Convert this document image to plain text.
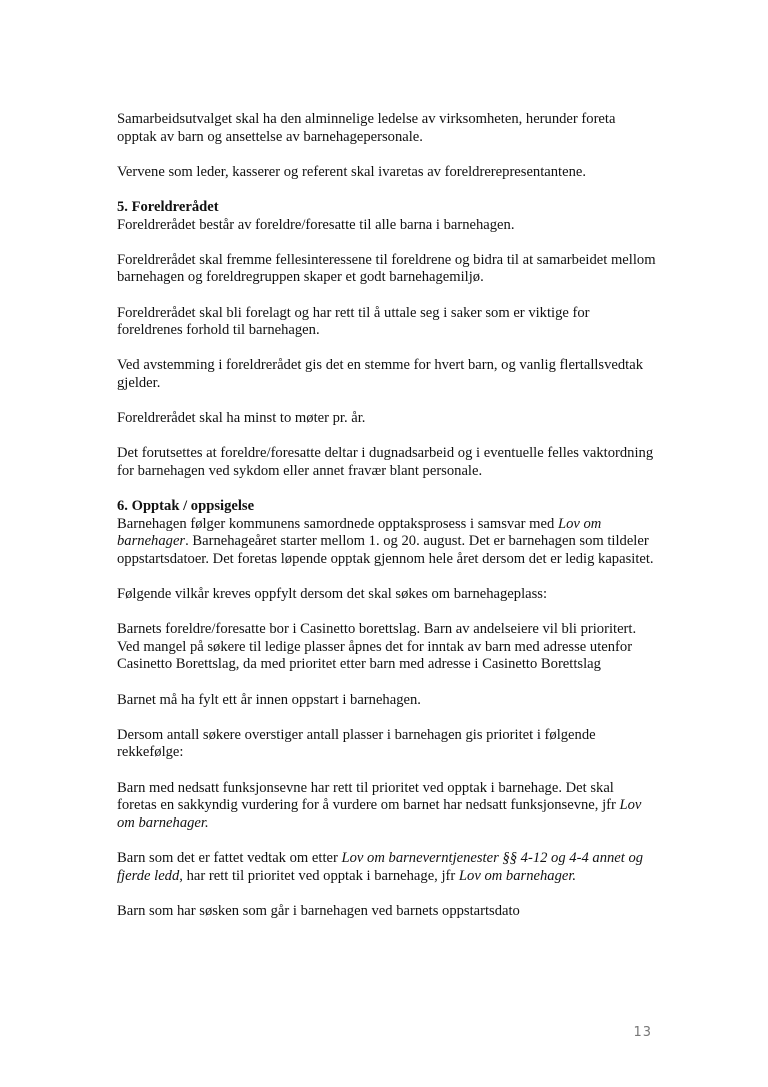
Samarbeidsutvalget skal ha den alminnelige ledelse av virksomheten, herunder foreta opptak av barn og ansettelse av barnehagepersonale.

Vervene som leder, kasserer og referent skal ivaretas av foreldrerepresentantene.

5. Foreldrerådet

Foreldrerådet består av foreldre/foresatte til alle barna i barnehagen.

Foreldrerådet skal fremme fellesinteressene til foreldrene og bidra til at samarbeidet mellom barnehagen og foreldregruppen skaper et godt barnehagemiljø.

Foreldrerådet skal bli forelagt og har rett til å uttale seg i saker som er viktige for foreldrenes forhold til barnehagen.

Ved avstemming i foreldrerådet gis det en stemme for hvert barn, og vanlig flertallsvedtak gjelder.

Foreldrerådet skal ha minst to møter pr. år.

Det forutsettes at foreldre/foresatte deltar i dugnadsarbeid og i eventuelle felles vaktordning for barnehagen ved sykdom eller annet fravær blant personale.

6. Opptak / oppsigelse

Barnehagen følger kommunens samordnede opptaksprosess i samsvar med Lov om barnehager. Barnehageåret starter mellom 1. og 20. august. Det er barnehagen som tildeler oppstartsdatoer. Det foretas løpende opptak gjennom hele året dersom det er ledig kapasitet.

Følgende vilkår kreves oppfylt dersom det skal søkes om barnehageplass:

Barnets foreldre/foresatte bor i Casinetto borettslag. Barn av andelseiere vil bli prioritert. Ved mangel på søkere til ledige plasser åpnes det for inntak av barn med adresse utenfor Casinetto Borettslag, da med prioritet etter barn med adresse i Casinetto Borettslag

Barnet må ha fylt ett år innen oppstart i barnehagen.

Dersom antall søkere overstiger antall plasser i barnehagen gis prioritet i følgende rekkefølge:

Barn med nedsatt funksjonsevne har rett til prioritet ved opptak i barnehage. Det skal foretas en sakkyndig vurdering for å vurdere om barnet har nedsatt funksjonsevne, jfr Lov om barnehager.

Barn som det er fattet vedtak om etter Lov om barneverntjenester §§ 4-12 og 4-4 annet og fjerde ledd, har rett til prioritet ved opptak i barnehage, jfr Lov om barnehager.

Barn som har søsken som går i barnehagen ved barnets oppstartsdato

13
